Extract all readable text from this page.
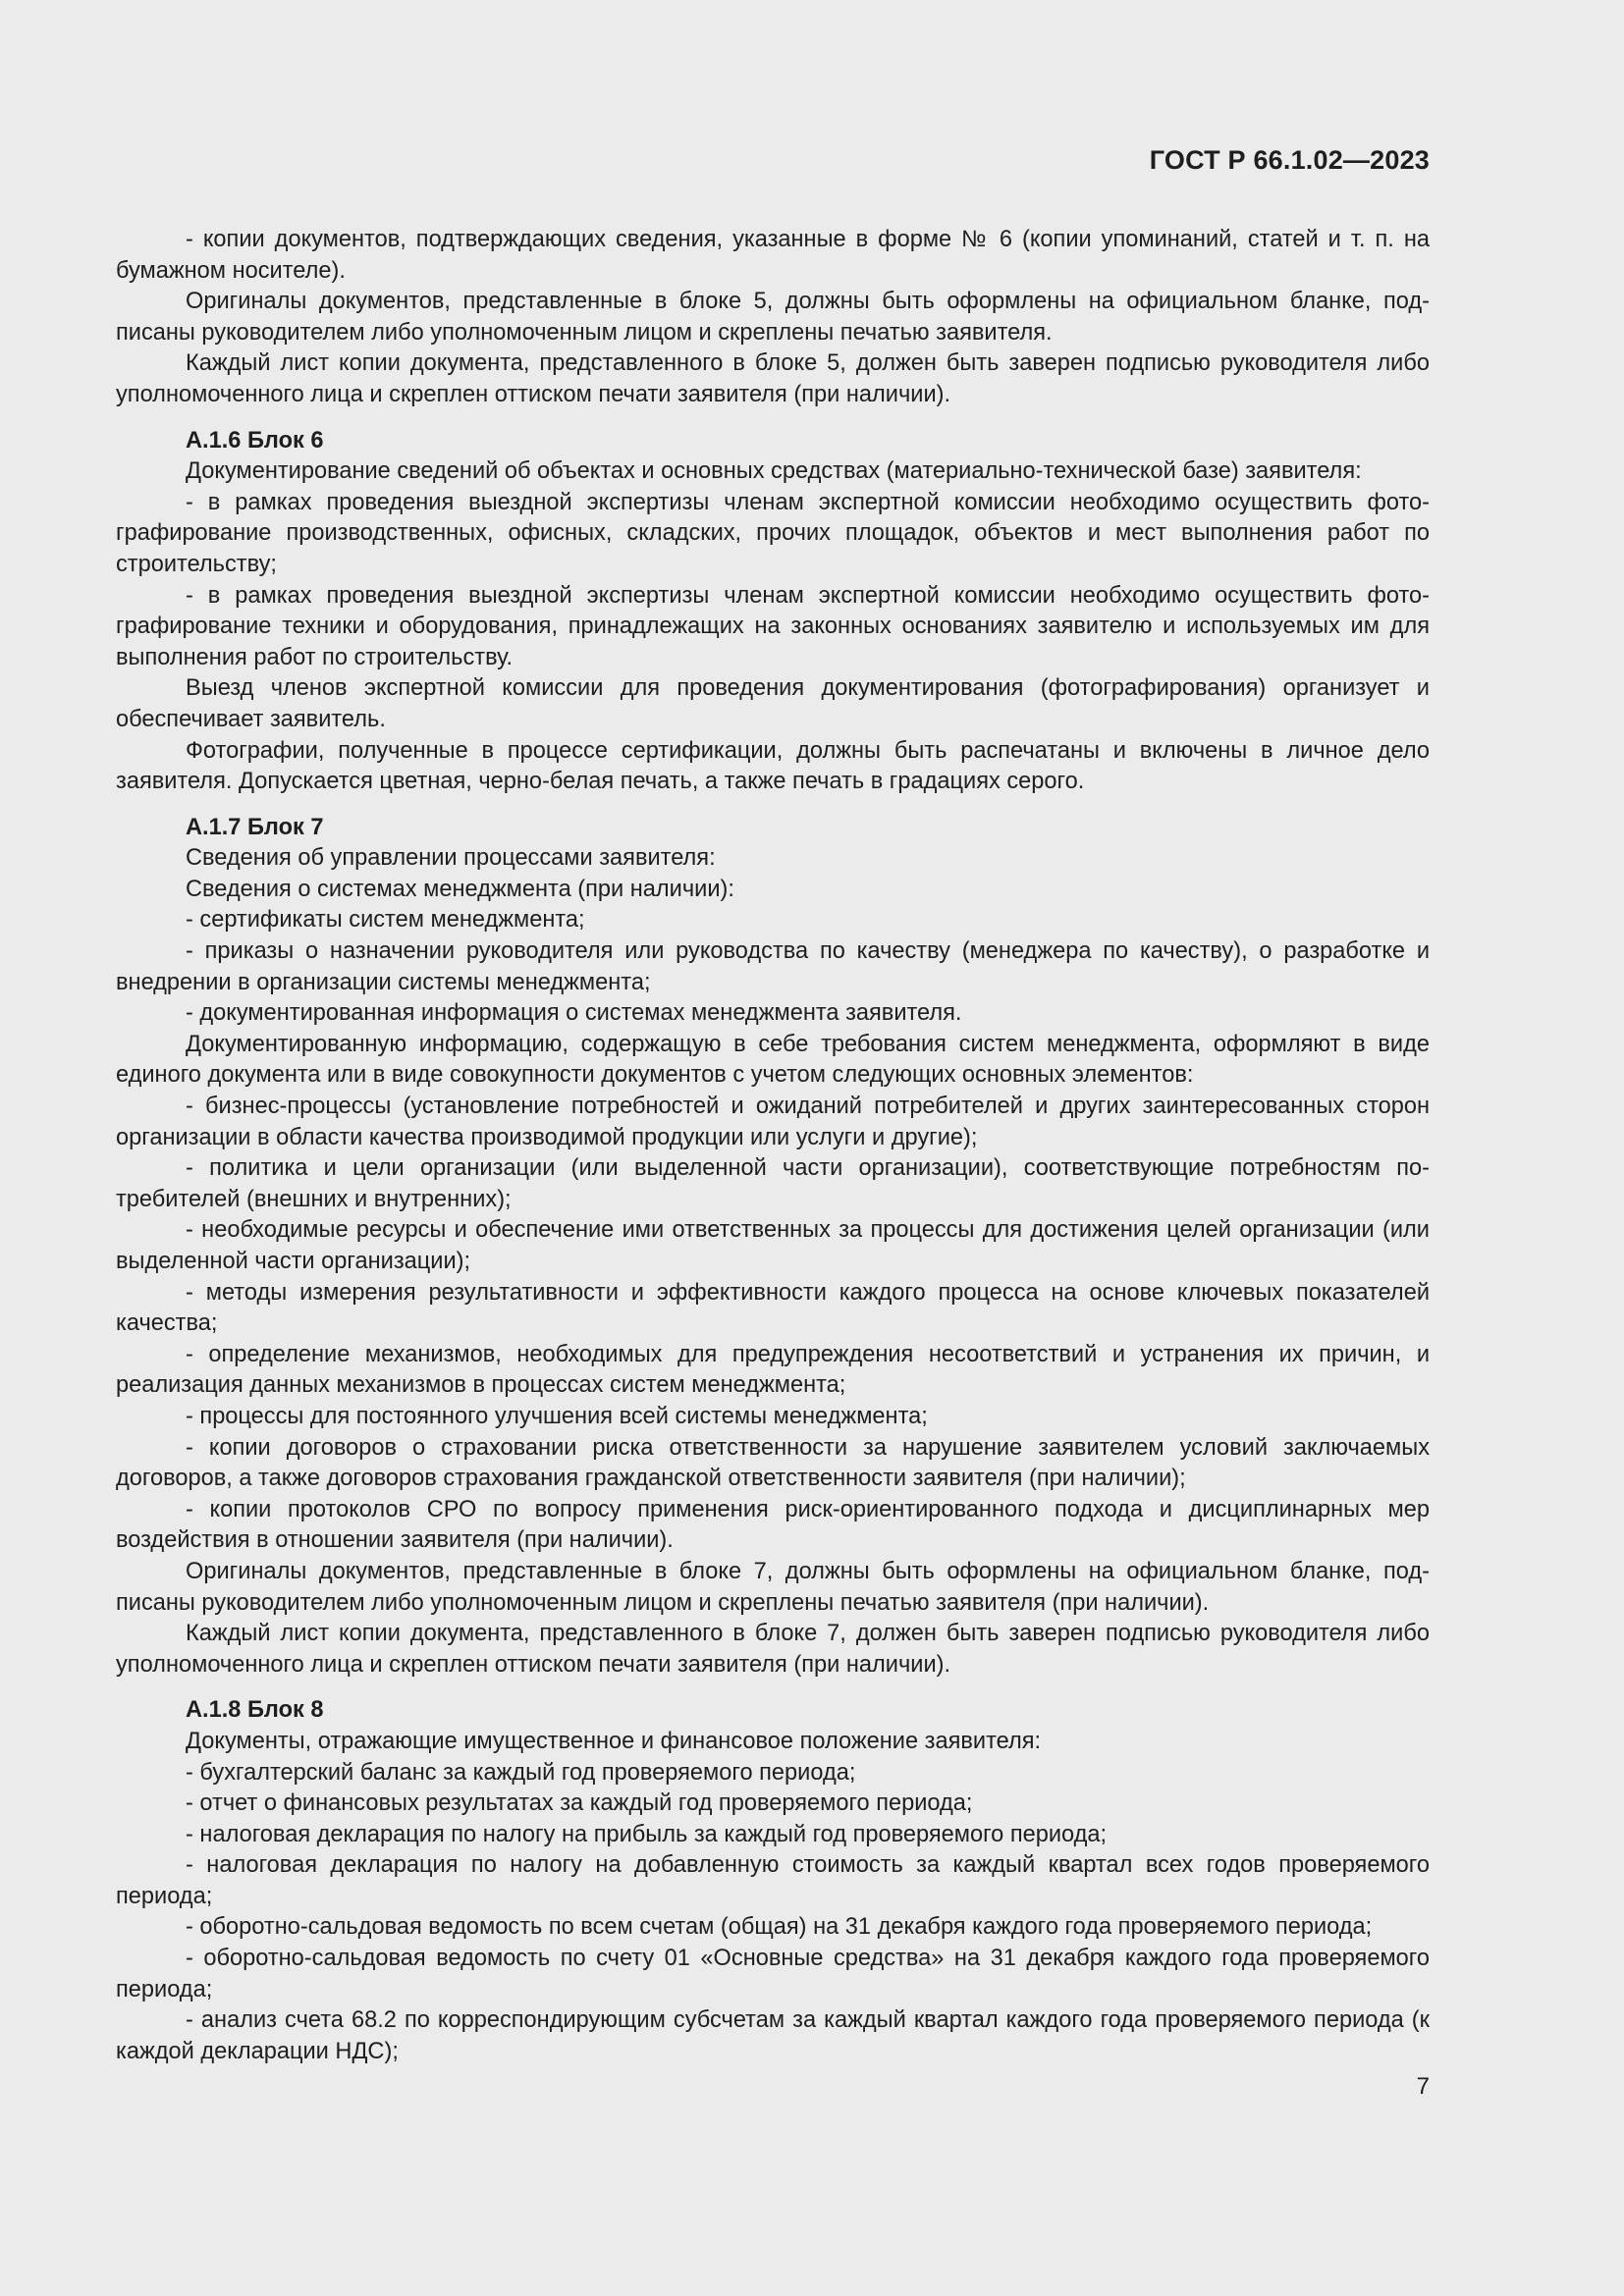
ГОСТ Р 66.1.02—2023

- копии документов, подтверждающих сведения, указанные в форме № 6 (копии упоминаний, статей и т. п. на бумажном носителе).

Оригиналы документов, представленные в блоке 5, должны быть оформлены на официальном бланке, подписаны руководителем либо уполномоченным лицом и скреплены печатью заявителя.

Каждый лист копии документа, представленного в блоке 5, должен быть заверен подписью руководителя либо уполномоченного лица и скреплен оттиском печати заявителя (при наличии).

А.1.6 Блок 6

Документирование сведений об объектах и основных средствах (материально-технической базе) заявителя:

- в рамках проведения выездной экспертизы членам экспертной комиссии необходимо осуществить фотографирование производственных, офисных, складских, прочих площадок, объектов и мест выполнения работ по строительству;

- в рамках проведения выездной экспертизы членам экспертной комиссии необходимо осуществить фотографирование техники и оборудования, принадлежащих на законных основаниях заявителю и используемых им для выполнения работ по строительству.

Выезд членов экспертной комиссии для проведения документирования (фотографирования) организует и обеспечивает заявитель.

Фотографии, полученные в процессе сертификации, должны быть распечатаны и включены в личное дело заявителя. Допускается цветная, черно-белая печать, а также печать в градациях серого.

А.1.7 Блок 7

Сведения об управлении процессами заявителя:

Сведения о системах менеджмента (при наличии):

- сертификаты систем менеджмента;

- приказы о назначении руководителя или руководства по качеству (менеджера по качеству), о разработке и внедрении в организации системы менеджмента;

- документированная информация о системах менеджмента заявителя.

Документированную информацию, содержащую в себе требования систем менеджмента, оформляют в виде единого документа или в виде совокупности документов с учетом следующих основных элементов:

- бизнес-процессы (установление потребностей и ожиданий потребителей и других заинтересованных сторон организации в области качества производимой продукции или услуги и другие);

- политика и цели организации (или выделенной части организации), соответствующие потребностям потребителей (внешних и внутренних);

- необходимые ресурсы и обеспечение ими ответственных за процессы для достижения целей организации (или выделенной части организации);

- методы измерения результативности и эффективности каждого процесса на основе ключевых показателей качества;

- определение механизмов, необходимых для предупреждения несоответствий и устранения их причин, и реализация данных механизмов в процессах систем менеджмента;

- процессы для постоянного улучшения всей системы менеджмента;

- копии договоров о страховании риска ответственности за нарушение заявителем условий заключаемых договоров, а также договоров страхования гражданской ответственности заявителя (при наличии);

- копии протоколов СРО по вопросу применения риск-ориентированного подхода и дисциплинарных мер воздействия в отношении заявителя (при наличии).

Оригиналы документов, представленные в блоке 7, должны быть оформлены на официальном бланке, подписаны руководителем либо уполномоченным лицом и скреплены печатью заявителя (при наличии).

Каждый лист копии документа, представленного в блоке 7, должен быть заверен подписью руководителя либо уполномоченного лица и скреплен оттиском печати заявителя (при наличии).

А.1.8 Блок 8

Документы, отражающие имущественное и финансовое положение заявителя:

- бухгалтерский баланс за каждый год проверяемого периода;

- отчет о финансовых результатах за каждый год проверяемого периода;

- налоговая декларация по налогу на прибыль за каждый год проверяемого периода;

- налоговая декларация по налогу на добавленную стоимость за каждый квартал всех годов проверяемого периода;

- оборотно-сальдовая ведомость по всем счетам (общая) на 31 декабря каждого года проверяемого периода;

- оборотно-сальдовая ведомость по счету 01 «Основные средства» на 31 декабря каждого года проверяемого периода;

- анализ счета 68.2 по корреспондирующим субсчетам за каждый квартал каждого года проверяемого периода (к каждой декларации НДС);

7
